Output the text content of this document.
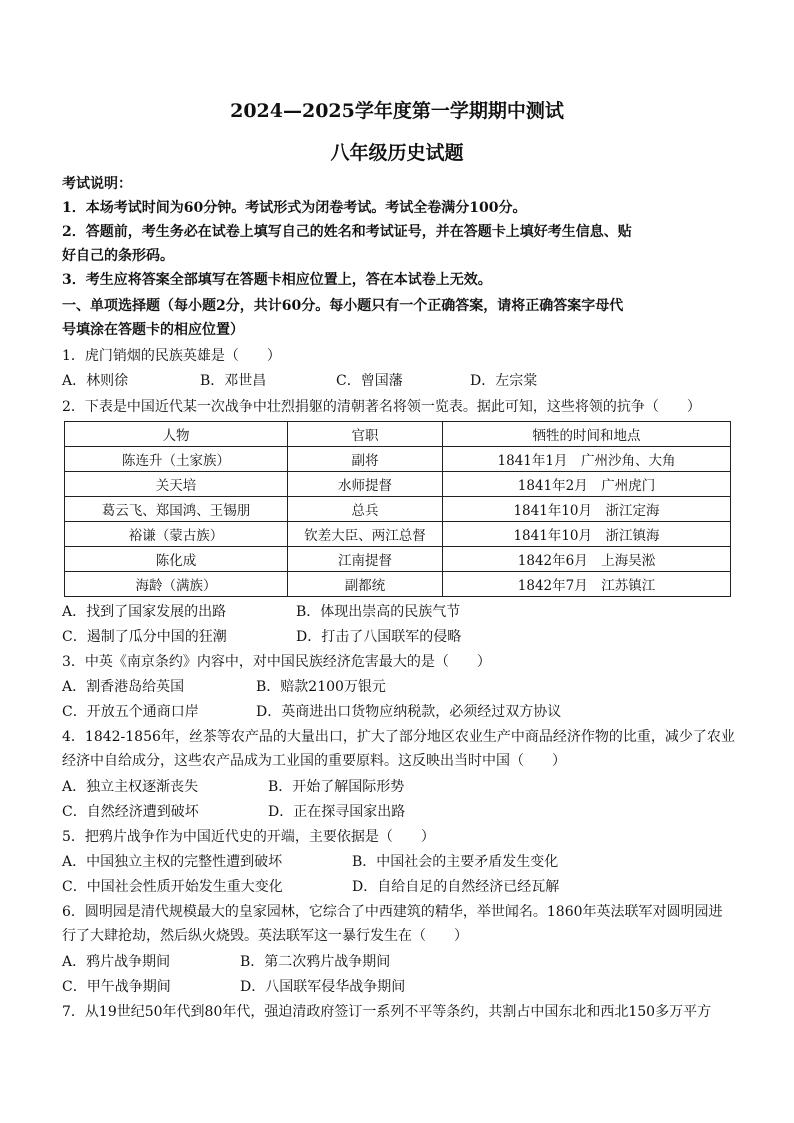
2024—2025学年度第一学期期中测试
八年级历史试题
考试说明：
1．本场考试时间为60分钟。考试形式为闭卷考试。考试全卷满分100分。
2．答题前，考生务必在试卷上填写自己的姓名和考试证号，并在答题卡上填好考生信息、贴
好自己的条形码。
3．考生应将答案全部填写在答题卡相应位置上，答在本试卷上无效。
一、单项选择题（每小题2分，共计60分。每小题只有一个正确答案，请将正确答案字母代
号填涂在答题卡的相应位置）
1．虎门销烟的民族英雄是（　　）
A．林则徐	B．邓世昌	C．曾国藩	D．左宗棠
2．下表是中国近代某一次战争中壮烈捐躯的清朝著名将领一览表。据此可知，这些将领的抗争（　　）
人物	官职	牺牲的时间和地点
陈连升（土家族）	副将	1841年1月　广州沙角、大角
关天培	水师提督	1841年2月　广州虎门
葛云飞、郑国鸿、王锡朋	总兵	1841年10月　浙江定海
裕谦（蒙古族）	钦差大臣、两江总督	1841年10月　浙江镇海
陈化成	江南提督	1842年6月　上海吴淞
海龄（满族）	副都统	1842年7月　江苏镇江
A．找到了国家发展的出路	B．体现出崇高的民族气节
C．遏制了瓜分中国的狂潮	D．打击了八国联军的侵略
3．中英《南京条约》内容中，对中国民族经济危害最大的是（　　）
A．割香港岛给英国	B．赔款2100万银元
C．开放五个通商口岸	D．英商进出口货物应纳税款，必须经过双方协议
4．1842-1856年，丝茶等农产品的大量出口，扩大了部分地区农业生产中商品经济作物的比重，减少了农业
经济中自给成分，这些农产品成为工业国的重要原料。这反映出当时中国（　　）
A．独立主权逐渐丧失	B．开始了解国际形势
C．自然经济遭到破坏	D．正在探寻国家出路
5．把鸦片战争作为中国近代史的开端，主要依据是（　　）
A．中国独立主权的完整性遭到破坏	B．中国社会的主要矛盾发生变化
C．中国社会性质开始发生重大变化	D．自给自足的自然经济已经瓦解
6．圆明园是清代规模最大的皇家园林，它综合了中西建筑的精华，举世闻名。1860年英法联军对圆明园进
行了大肆抢劫，然后纵火烧毁。英法联军这一暴行发生在（　　）
A．鸦片战争期间	B．第二次鸦片战争期间
C．甲午战争期间	D．八国联军侵华战争期间
7．从19世纪50年代到80年代，强迫清政府签订一系列不平等条约，共割占中国东北和西北150多万平方
